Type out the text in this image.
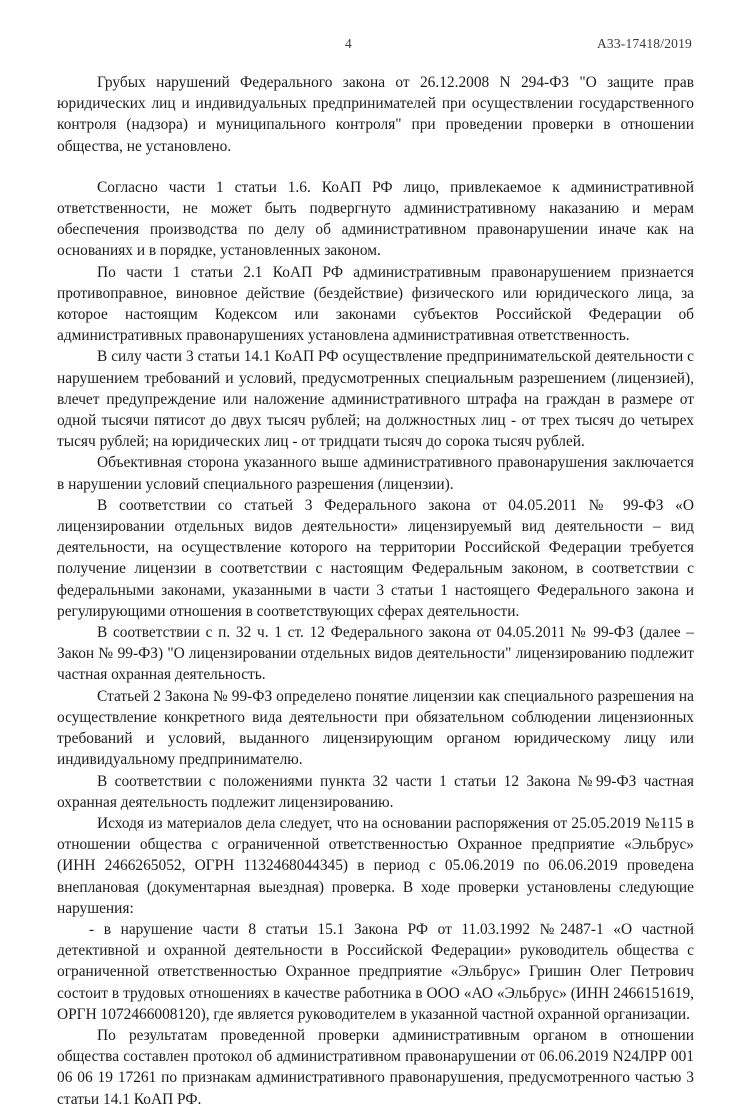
4	А33-17418/2019

Грубых нарушений Федерального закона от 26.12.2008 N 294-ФЗ "О защите прав юридических лиц и индивидуальных предпринимателей при осуществлении государственного контроля (надзора) и муниципального контроля" при проведении проверки в отношении общества, не установлено.

Согласно части 1 статьи 1.6. КоАП РФ лицо, привлекаемое к административной ответственности, не может быть подвергнуто административному наказанию и мерам обеспечения производства по делу об административном правонарушении иначе как на основаниях и в порядке, установленных законом.

По части 1 статьи 2.1 КоАП РФ административным правонарушением признается противоправное, виновное действие (бездействие) физического или юридического лица, за которое настоящим Кодексом или законами субъектов Российской Федерации об административных правонарушениях установлена административная ответственность.

В силу части 3 статьи 14.1 КоАП РФ осуществление предпринимательской деятельности с нарушением требований и условий, предусмотренных специальным разрешением (лицензией), влечет предупреждение или наложение административного штрафа на граждан в размере от одной тысячи пятисот до двух тысяч рублей; на должностных лиц - от трех тысяч до четырех тысяч рублей; на юридических лиц - от тридцати тысяч до сорока тысяч рублей.

Объективная сторона указанного выше административного правонарушения заключается в нарушении условий специального разрешения (лицензии).

В соответствии со статьей 3 Федерального закона от 04.05.2011 № 99-ФЗ «О лицензировании отдельных видов деятельности» лицензируемый вид деятельности – вид деятельности, на осуществление которого на территории Российской Федерации требуется получение лицензии в соответствии с настоящим Федеральным законом, в соответствии с федеральными законами, указанными в части 3 статьи 1 настоящего Федерального закона и регулирующими отношения в соответствующих сферах деятельности.

В соответствии с п. 32 ч. 1 ст. 12 Федерального закона от 04.05.2011 № 99-ФЗ (далее – Закон № 99-ФЗ) "О лицензировании отдельных видов деятельности" лицензированию подлежит частная охранная деятельность.

Статьей 2 Закона № 99-ФЗ определено понятие лицензии как специального разрешения на осуществление конкретного вида деятельности при обязательном соблюдении лицензионных требований и условий, выданного лицензирующим органом юридическому лицу или индивидуальному предпринимателю.

В соответствии с положениями пункта 32 части 1 статьи 12 Закона №99-ФЗ частная охранная деятельность подлежит лицензированию.

Исходя из материалов дела следует, что на основании распоряжения от 25.05.2019 №115 в отношении общества с ограниченной ответственностью Охранное предприятие «Эльбрус» (ИНН 2466265052, ОГРН 1132468044345) в период с 05.06.2019 по 06.06.2019 проведена внеплановая (документарная выездная) проверка. В ходе проверки установлены следующие нарушения:

- в нарушение части 8 статьи 15.1 Закона РФ от 11.03.1992 №2487-1 «О частной детективной и охранной деятельности в Российской Федерации» руководитель общества с ограниченной ответственностью Охранное предприятие «Эльбрус» Гришин Олег Петрович состоит в трудовых отношениях в качестве работника в ООО «АО «Эльбрус» (ИНН 2466151619, ОРГН 1072466008120), где является руководителем в указанной частной охранной организации.

По результатам проведенной проверки административным органом в отношении общества составлен протокол об административном правонарушении от 06.06.2019 N24ЛРР 001 06 06 19 17261 по признакам административного правонарушения, предусмотренного частью 3 статьи 14.1 КоАП РФ.
